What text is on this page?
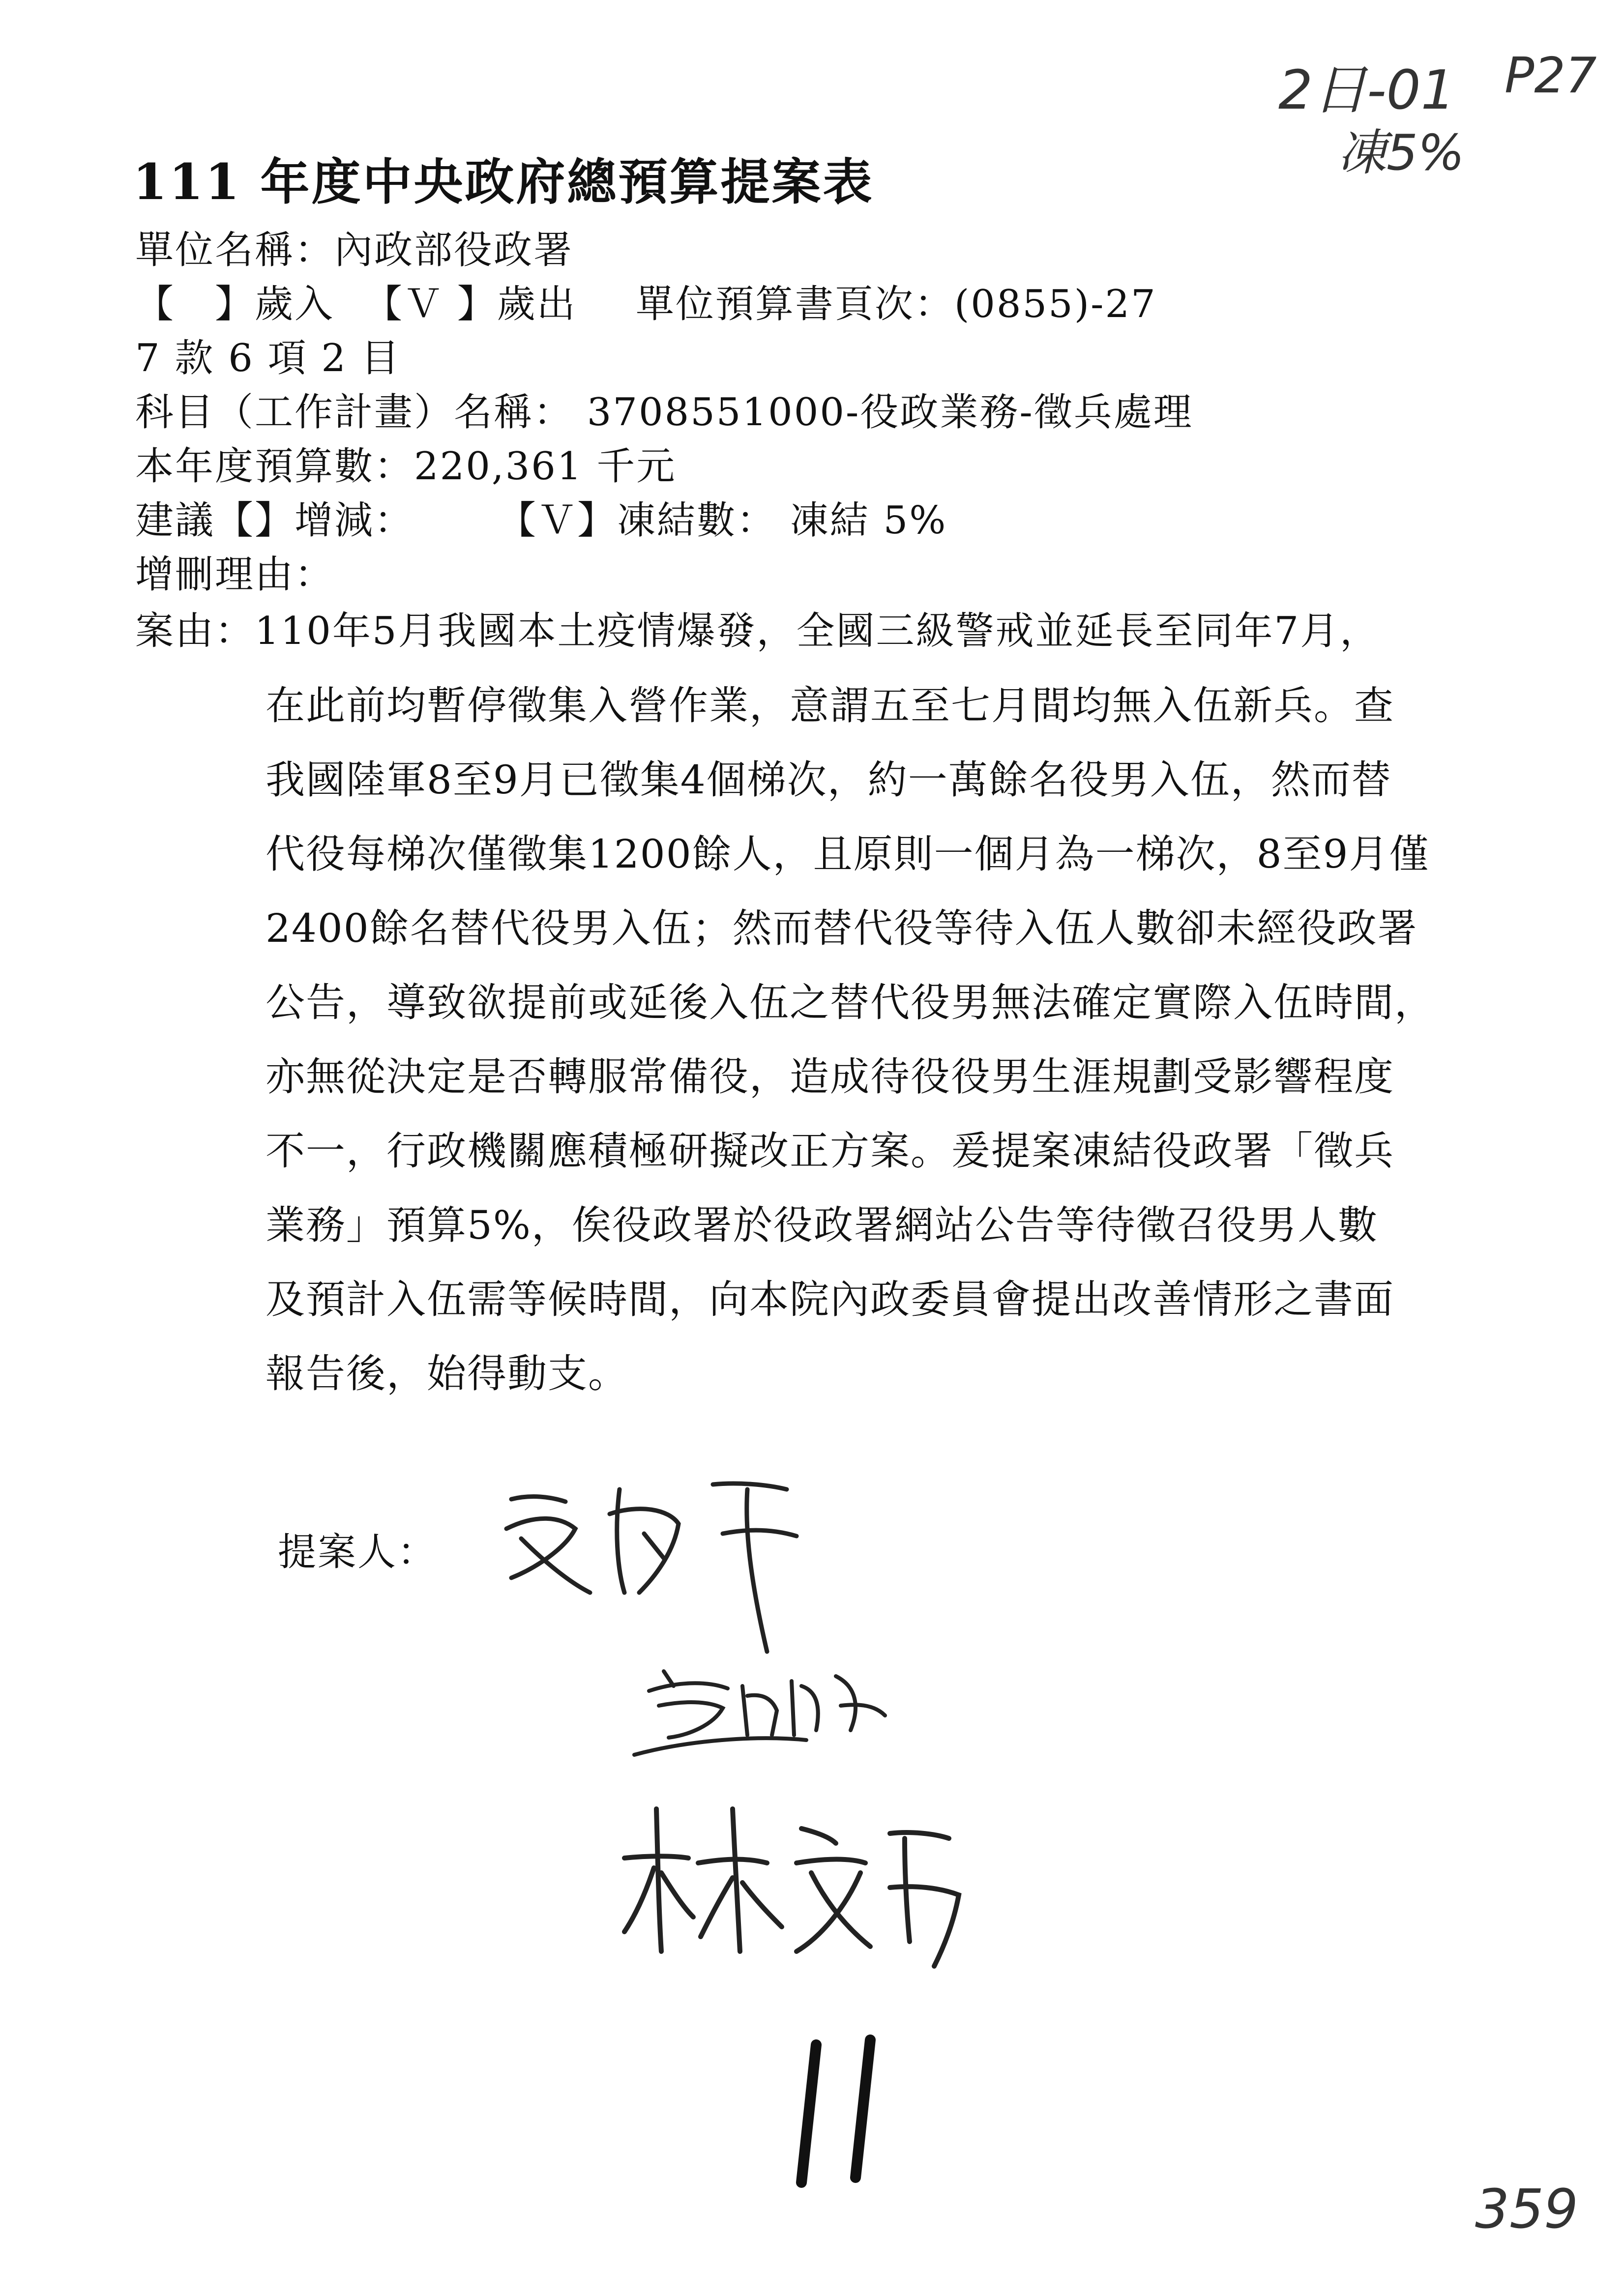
2日-01 P27
凍5%
111 年度中央政府總預算提案表
單位名稱：內政部役政署
【　】歲入 【Ｖ 】歲出 單位預算書頁次：(0855)-27
7 款 6 項 2 目
科目（工作計畫）名稱： 3708551000-役政業務-徵兵處理
本年度預算數：220,361 千元
建議【】增減： 【Ｖ】凍結數： 凍結 5%
增刪理由：
案由：110年5月我國本土疫情爆發，全國三級警戒並延長至同年7月，
在此前均暫停徵集入營作業，意謂五至七月間均無入伍新兵。查
我國陸軍8至9月已徵集4個梯次，約一萬餘名役男入伍，然而替
代役每梯次僅徵集1200餘人，且原則一個月為一梯次，8至9月僅
2400餘名替代役男入伍；然而替代役等待入伍人數卻未經役政署
公告，導致欲提前或延後入伍之替代役男無法確定實際入伍時間，
亦無從決定是否轉服常備役，造成待役役男生涯規劃受影響程度
不一，行政機關應積極研擬改正方案。爰提案凍結役政署「徵兵
業務」預算5%，俟役政署於役政署網站公告等待徵召役男人數
及預計入伍需等候時間，向本院內政委員會提出改善情形之書面
報告後，始得動支。
提案人：
359
